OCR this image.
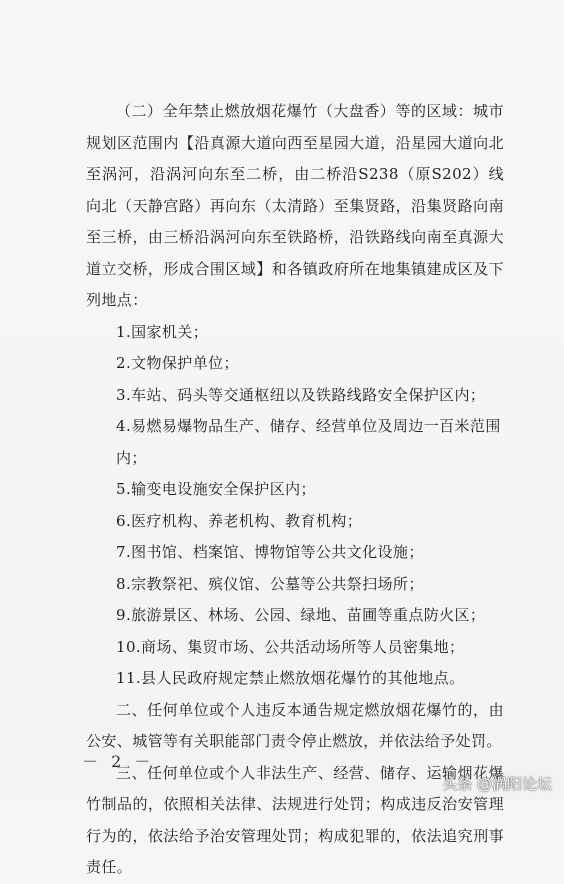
（二）全年禁止燃放烟花爆竹（大盘香）等的区域：城市规划区范围内【沿真源大道向西至星园大道，沿星园大道向北至涡河，沿涡河向东至二桥，由二桥沿S238（原S202）线向北（天静宫路）再向东（太清路）至集贤路，沿集贤路向南至三桥，由三桥沿涡河向东至铁路桥，沿铁路线向南至真源大道立交桥，形成合围区域】和各镇政府所在地集镇建成区及下列地点：

1.国家机关；

2.文物保护单位；

3.车站、码头等交通枢纽以及铁路线路安全保护区内；

4.易燃易爆物品生产、储存、经营单位及周边一百米范围内；

5.输变电设施安全保护区内；

6.医疗机构、养老机构、教育机构；

7.图书馆、档案馆、博物馆等公共文化设施；

8.宗教祭祀、殡仪馆、公墓等公共祭扫场所；

9.旅游景区、林场、公园、绿地、苗圃等重点防火区；

10.商场、集贸市场、公共活动场所等人员密集地；

11.县人民政府规定禁止燃放烟花爆竹的其他地点。

二、任何单位或个人违反本通告规定燃放烟花爆竹的，由公安、城管等有关职能部门责令停止燃放，并依法给予处罚。

三、任何单位或个人非法生产、经营、储存、运输烟花爆竹制品的，依照相关法律、法规进行处罚；构成违反治安管理行为的，依法给予治安管理处罚；构成犯罪的，依法追究刑事责任。

－ 2 －
头条 @涡阳论坛
